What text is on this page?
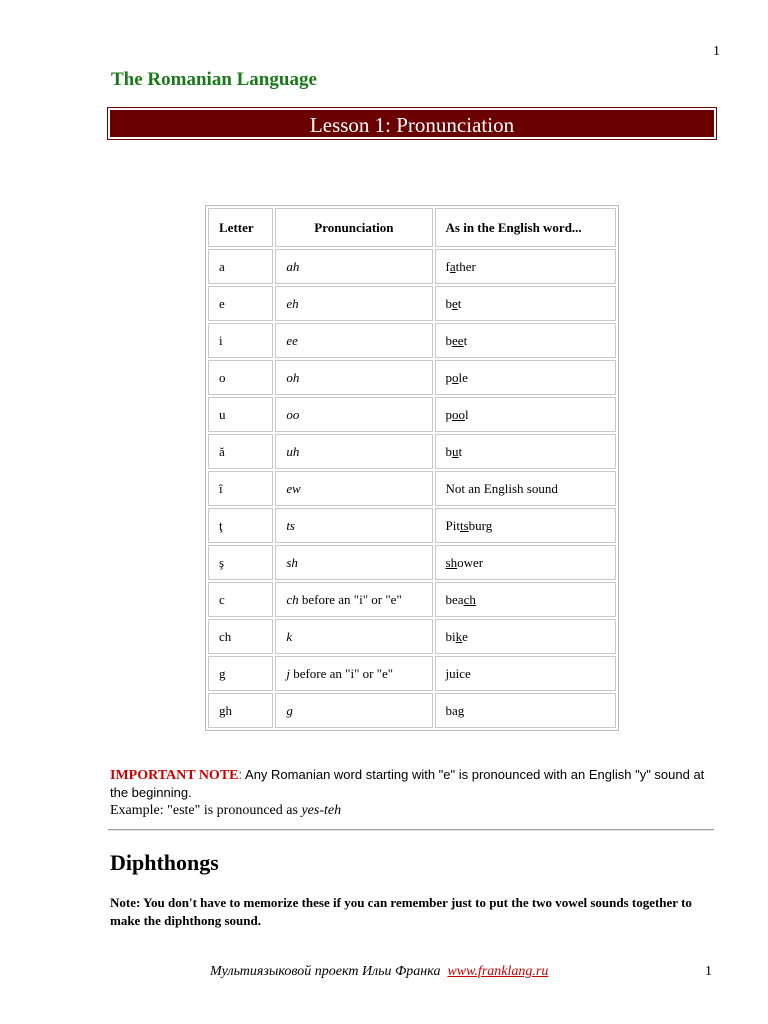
1
The Romanian Language
Lesson 1: Pronunciation
Letter	Pronunciation	As in the English word...
a	ah	father
e	eh	bet
i	ee	beet
o	oh	pole
u	oo	pool
ă	uh	but
î	ew	Not an English sound
ţ	ts	Pittsburg
ş	sh	shower
c	ch before an "i" or "e"	beach
ch	k	bike
g	j before an "i" or "e"	juice
gh	g	bag
IMPORTANT NOTE: Any Romanian word starting with "e" is pronounced with an English "y" sound at the beginning.
Example: "este" is pronounced as yes-teh
Diphthongs
Note: You don't have to memorize these if you can remember just to put the two vowel sounds together to make the diphthong sound.
Мультиязыковой проект Ильи Франка www.franklang.ru	1
